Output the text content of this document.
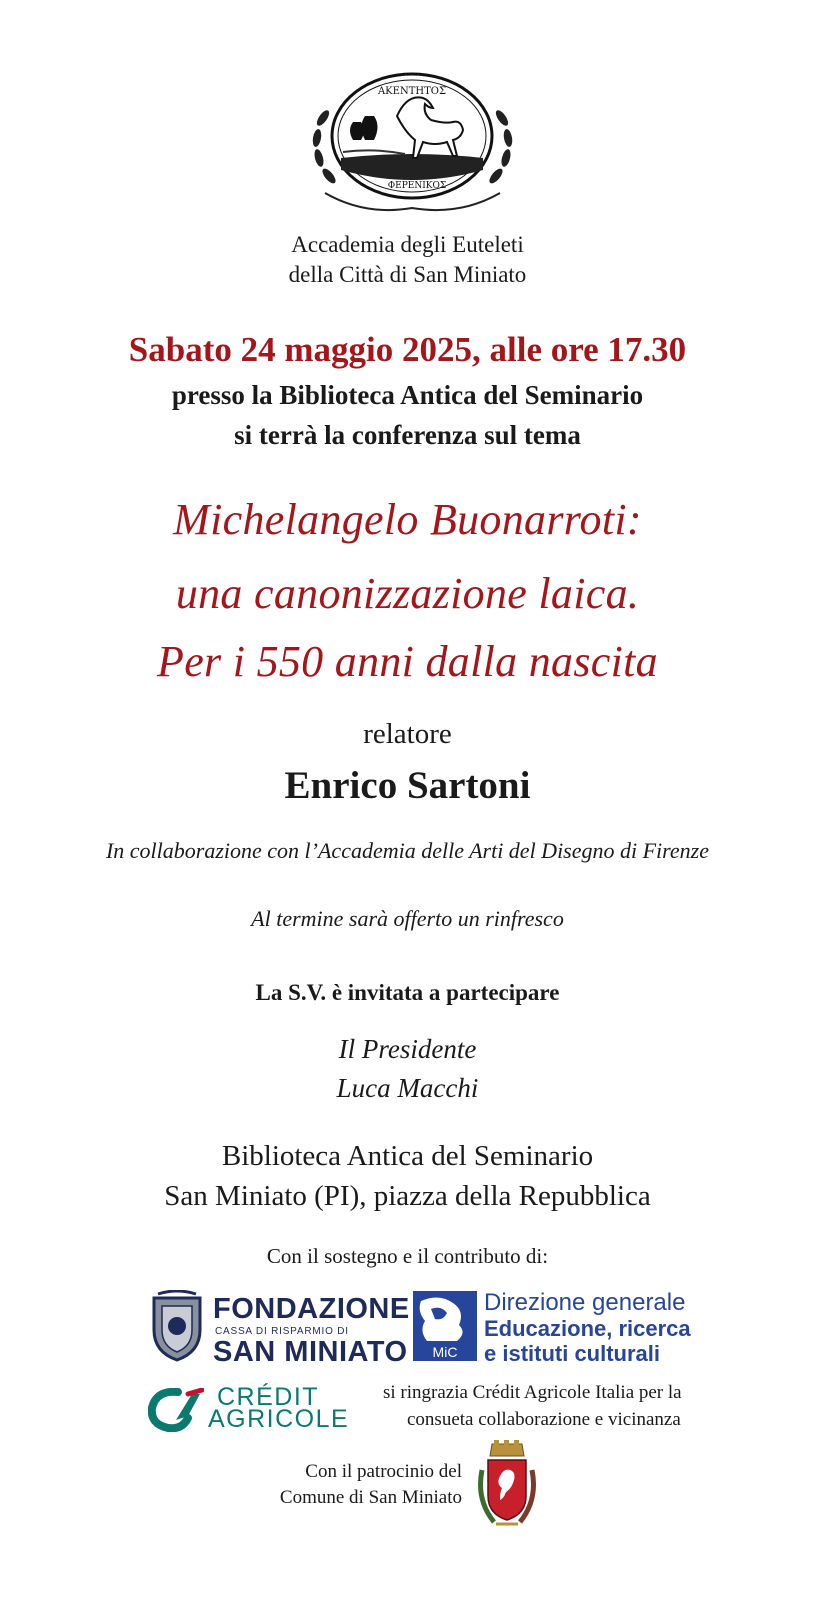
ΑΚΕΝΤΗΤΟΣ
ΦΕΡΕΝΙΚΟΣ
Accademia degli Euteleti
della Città di San Miniato
Sabato 24 maggio 2025, alle ore 17.30
presso la Biblioteca Antica del Seminario
si terrà la conferenza sul tema
Michelangelo Buonarroti:
una canonizzazione laica.
Per i 550 anni dalla nascita
relatore
Enrico Sartoni
In collaborazione con l’Accademia delle Arti del Disegno di Firenze
Al termine sarà offerto un rinfresco
La S.V. è invitata a partecipare
Il Presidente
Luca Macchi
Biblioteca Antica del Seminario
San Miniato (PI), piazza della Repubblica
Con il sostegno e il contributo di:
FONDAZIONE
CASSA DI RISPARMIO DI
SAN MINIATO MiC
Direzione generale
Educazione, ricerca
e istituti culturali
CRÉDIT
AGRICOLE
si ringrazia Crédit Agricole Italia per la
consueta collaborazione e vicinanza
Con il patrocinio del
Comune di San Miniato
